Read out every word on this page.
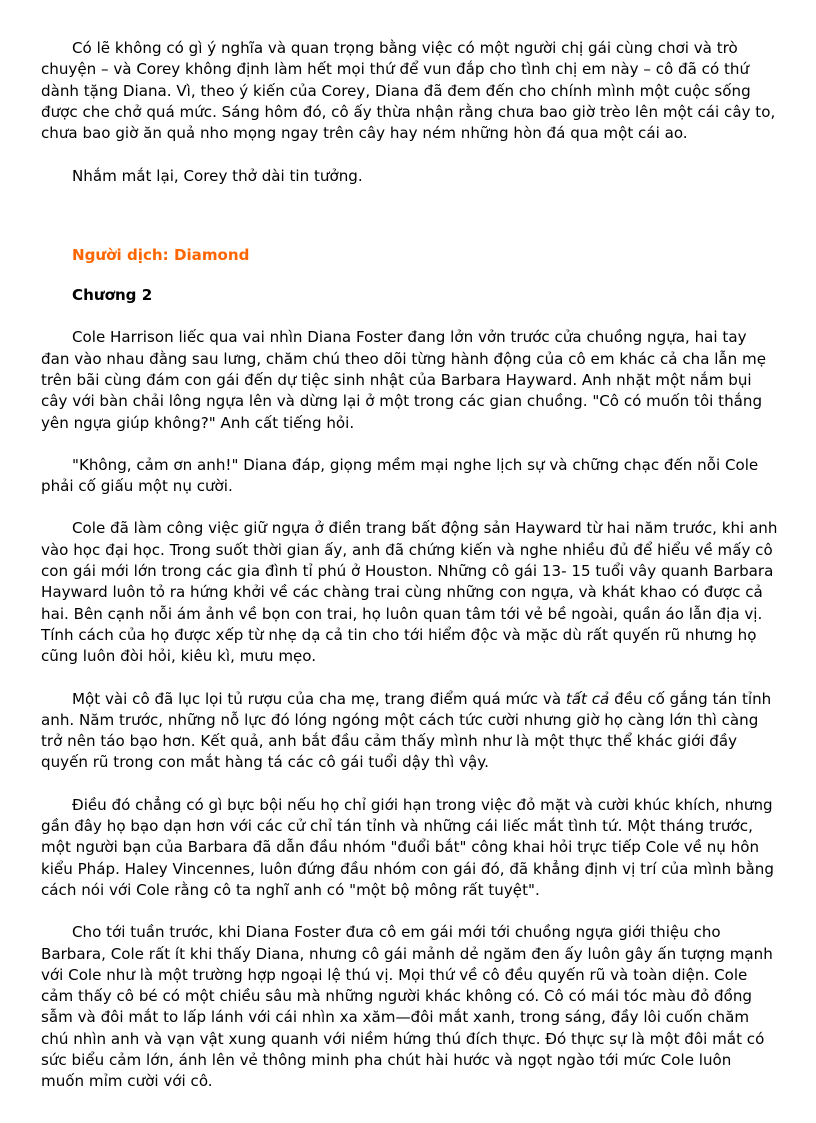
Có lẽ không có gì ý nghĩa và quan trọng bằng việc có một người chị gái cùng chơi và trò chuyện – và Corey không định làm hết mọi thứ để vun đắp cho tình chị em này – cô đã có thứ dành tặng Diana. Vì, theo ý kiến của Corey, Diana đã đem đến cho chính mình một cuộc sống được che chở quá mức. Sáng hôm đó, cô ấy thừa nhận rằng chưa bao giờ trèo lên một cái cây to, chưa bao giờ ăn quả nho mọng ngay trên cây hay ném những hòn đá qua một cái ao.

Nhắm mắt lại, Corey thở dài tin tưởng.

Người dịch: Diamond

Chương 2

Cole Harrison liếc qua vai nhìn Diana Foster đang lởn vởn trước cửa chuồng ngựa, hai tay đan vào nhau đằng sau lưng, chăm chú theo dõi từng hành động của cô em khác cả cha lẫn mẹ trên bãi cùng đám con gái đến dự tiệc sinh nhật của Barbara Hayward. Anh nhặt một nắm bụi cây với bàn chải lông ngựa lên và dừng lại ở một trong các gian chuồng. "Cô có muốn tôi thắng yên ngựa giúp không?" Anh cất tiếng hỏi.

"Không, cảm ơn anh!" Diana đáp, giọng mềm mại nghe lịch sự và chững chạc đến nỗi Cole phải cố giấu một nụ cười.

Cole đã làm công việc giữ ngựa ở điền trang bất động sản Hayward từ hai năm trước, khi anh vào học đại học. Trong suốt thời gian ấy, anh đã chứng kiến và nghe nhiều đủ để hiểu về mấy cô con gái mới lớn trong các gia đình tỉ phú ở Houston. Những cô gái 13- 15 tuổi vây quanh Barbara Hayward luôn tỏ ra hứng khởi về các chàng trai cùng những con ngựa, và khát khao có được cả hai. Bên cạnh nỗi ám ảnh về bọn con trai, họ luôn quan tâm tới vẻ bề ngoài, quần áo lẫn địa vị. Tính cách của họ được xếp từ nhẹ dạ cả tin cho tới hiểm độc và mặc dù rất quyến rũ nhưng họ cũng luôn đòi hỏi, kiêu kì, mưu mẹo.

Một vài cô đã lục lọi tủ rượu của cha mẹ, trang điểm quá mức và tất cả đều cố gắng tán tỉnh anh. Năm trước, những nỗ lực đó lóng ngóng một cách tức cười nhưng giờ họ càng lớn thì càng trở nên táo bạo hơn. Kết quả, anh bắt đầu cảm thấy mình như là một thực thể khác giới đầy quyến rũ trong con mắt hàng tá các cô gái tuổi dậy thì vậy.

Điều đó chẳng có gì bực bội nếu họ chỉ giới hạn trong việc đỏ mặt và cười khúc khích, nhưng gần đây họ bạo dạn hơn với các cử chỉ tán tỉnh và những cái liếc mắt tình tứ. Một tháng trước, một người bạn của Barbara đã dẫn đầu nhóm "đuổi bắt" công khai hỏi trực tiếp Cole về nụ hôn kiểu Pháp. Haley Vincennes, luôn đứng đầu nhóm con gái đó, đã khẳng định vị trí của mình bằng cách nói với Cole rằng cô ta nghĩ anh có "một bộ mông rất tuyệt".

Cho tới tuần trước, khi Diana Foster đưa cô em gái mới tới chuồng ngựa giới thiệu cho Barbara, Cole rất ít khi thấy Diana, nhưng cô gái mảnh dẻ ngăm đen ấy luôn gây ấn tượng mạnh với Cole như là một trường hợp ngoại lệ thú vị. Mọi thứ về cô đều quyến rũ và toàn diện. Cole cảm thấy cô bé có một chiều sâu mà những người khác không có. Cô có mái tóc màu đỏ đồng sẫm và đôi mắt to lấp lánh với cái nhìn xa xăm—đôi mắt xanh, trong sáng, đầy lôi cuốn chăm chú nhìn anh và vạn vật xung quanh với niềm hứng thú đích thực. Đó thực sự là một đôi mắt có sức biểu cảm lớn, ánh lên vẻ thông minh pha chút hài hước và ngọt ngào tới mức Cole luôn muốn mỉm cười với cô.
